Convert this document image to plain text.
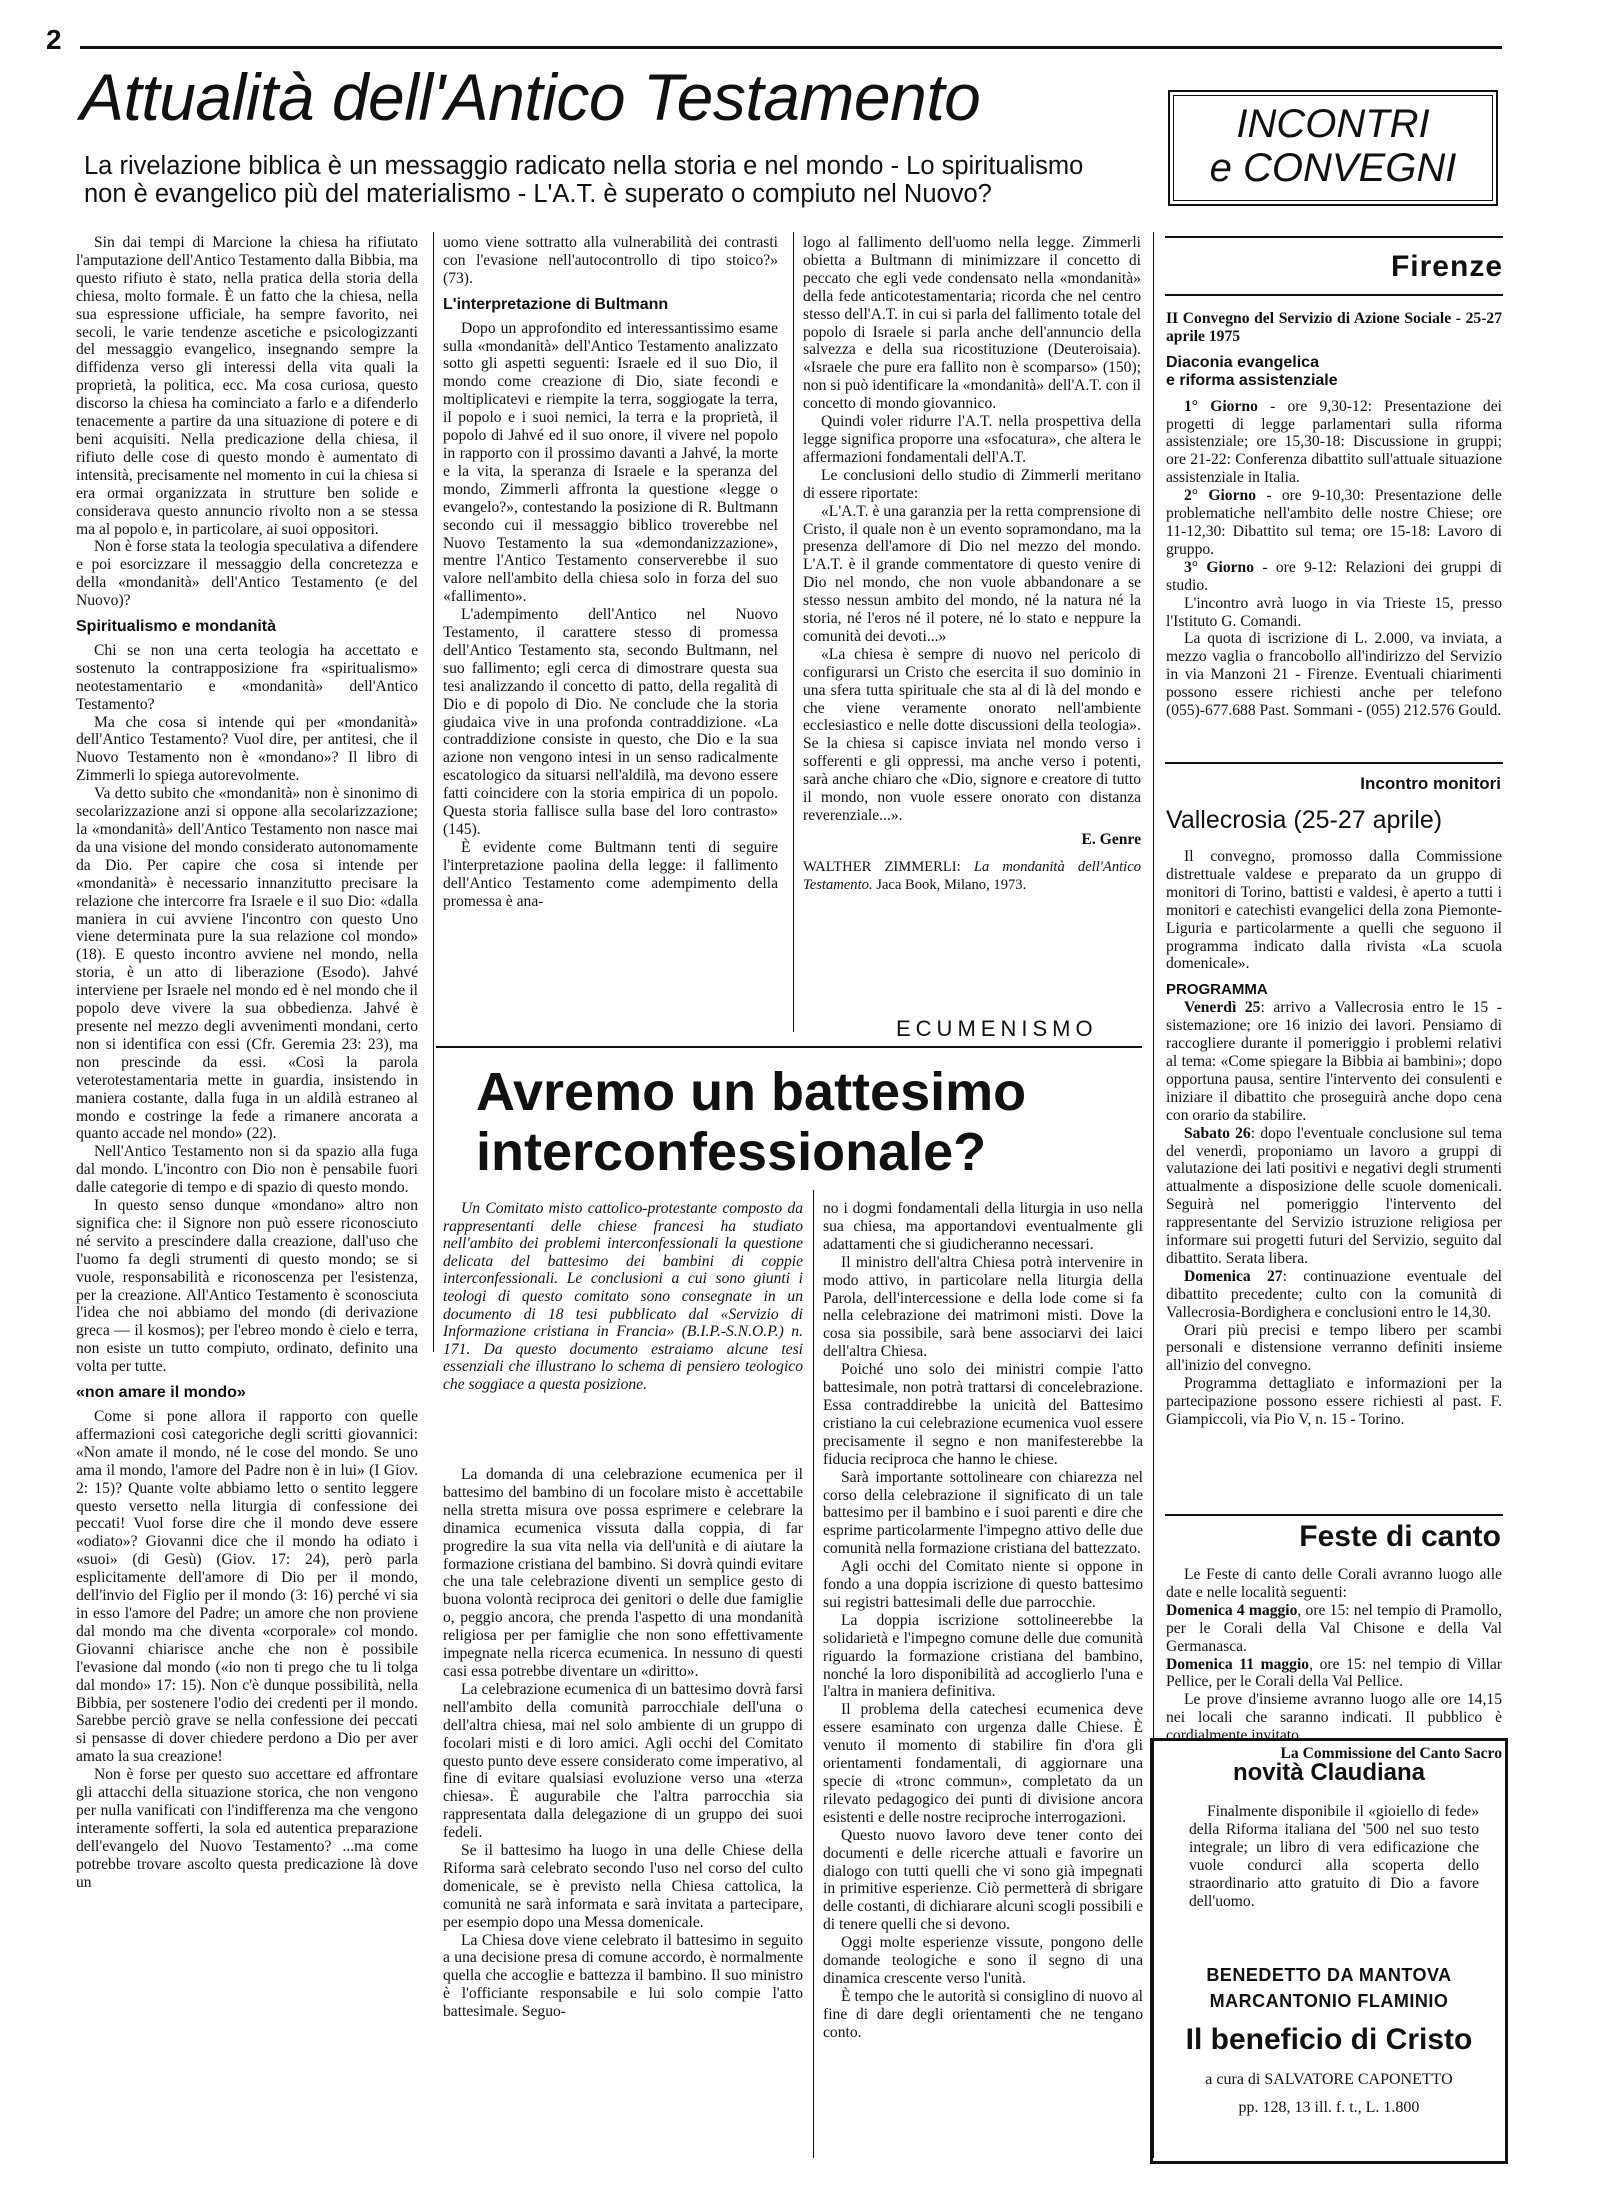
2
Attualità dell'Antico Testamento
La rivelazione biblica è un messaggio radicato nella storia e nel mondo - Lo spiritualismo
non è evangelico più del materialismo - L'A.T. è superato o compiuto nel Nuovo?
INCONTRI
e CONVEGNI

Sin dai tempi di Marcione la chiesa ha rifiutato l'amputazione dell'Antico Testamento dalla Bibbia, ma questo rifiuto è stato, nella pratica della storia della chiesa, molto formale. È un fatto che la chiesa, nella sua espressione ufficiale, ha sempre favorito, nei secoli, le varie tendenze ascetiche e psicologizzanti del messaggio evangelico, insegnando sempre la diffidenza verso gli interessi della vita quali la proprietà, la politica, ecc. Ma cosa curiosa, questo discorso la chiesa ha cominciato a farlo e a difenderlo tenacemente a partire da una situazione di potere e di beni acquisiti. Nella predicazione della chiesa, il rifiuto delle cose di questo mondo è aumentato di intensità, precisamente nel momento in cui la chiesa si era ormai organizzata in strutture ben solide e considerava questo annuncio rivolto non a se stessa ma al popolo e, in particolare, ai suoi oppositori.

Non è forse stata la teologia speculativa a difendere e poi esorcizzare il messaggio della concretezza e della «mondanità» dell'Antico Testamento (e del Nuovo)?

Spiritualismo e mondanità

Chi se non una certa teologia ha accettato e sostenuto la contrapposizione fra «spiritualismo» neotestamentario e «mondanità» dell'Antico Testamento?

Ma che cosa si intende qui per «mondanità» dell'Antico Testamento? Vuol dire, per antitesi, che il Nuovo Testamento non è «mondano»? Il libro di Zimmerli lo spiega autorevolmente.

Va detto subito che «mondanità» non è sinonimo di secolarizzazione anzi si oppone alla secolarizzazione; la «mondanità» dell'Antico Testamento non nasce mai da una visione del mondo considerato autonomamente da Dio. Per capire che cosa si intende per «mondanità» è necessario innanzitutto precisare la relazione che intercorre fra Israele e il suo Dio: «dalla maniera in cui avviene l'incontro con questo Uno viene determinata pure la sua relazione col mondo» (18). E questo incontro avviene nel mondo, nella storia, è un atto di liberazione (Esodo). Jahvé interviene per Israele nel mondo ed è nel mondo che il popolo deve vivere la sua obbedienza. Jahvé è presente nel mezzo degli avvenimenti mondani, certo non si identifica con essi (Cfr. Geremia 23: 23), ma non prescinde da essi. «Così la parola veterotestamentaria mette in guardia, insistendo in maniera costante, dalla fuga in un aldilà estraneo al mondo e costringe la fede a rimanere ancorata a quanto accade nel mondo» (22).

Nell'Antico Testamento non si da spazio alla fuga dal mondo. L'incontro con Dio non è pensabile fuori dalle categorie di tempo e di spazio di questo mondo.

In questo senso dunque «mondano» altro non significa che: il Signore non può essere riconosciuto né servito a prescindere dalla creazione, dall'uso che l'uomo fa degli strumenti di questo mondo; se si vuole, responsabilità e riconoscenza per l'esistenza, per la creazione. All'Antico Testamento è sconosciuta l'idea che noi abbiamo del mondo (di derivazione greca — il kosmos); per l'ebreo mondo è cielo e terra, non esiste un tutto compiuto, ordinato, definito una volta per tutte.

«non amare il mondo»

Come si pone allora il rapporto con quelle affermazioni così categoriche degli scritti giovannici: «Non amate il mondo, né le cose del mondo. Se uno ama il mondo, l'amore del Padre non è in lui» (I Giov. 2: 15)? Quante volte abbiamo letto o sentito leggere questo versetto nella liturgia di confessione dei peccati! Vuol forse dire che il mondo deve essere «odiato»? Giovanni dice che il mondo ha odiato i «suoi» (di Gesù) (Giov. 17: 24), però parla esplicitamente dell'amore di Dio per il mondo, dell'invio del Figlio per il mondo (3: 16) perché vi sia in esso l'amore del Padre; un amore che non proviene dal mondo ma che diventa «corporale» col mondo. Giovanni chiarisce anche che non è possibile l'evasione dal mondo («io non ti prego che tu li tolga dal mondo» 17: 15). Non c'è dunque possibilità, nella Bibbia, per sostenere l'odio dei credenti per il mondo. Sarebbe perciò grave se nella confessione dei peccati si pensasse di dover chiedere perdono a Dio per aver amato la sua creazione!

Non è forse per questo suo accettare ed affrontare gli attacchi della situazione storica, che non vengono per nulla vanificati con l'indifferenza ma che vengono interamente sofferti, la sola ed autentica preparazione dell'evangelo del Nuovo Testamento? ...ma come potrebbe trovare ascolto questa predicazione là dove un

uomo viene sottratto alla vulnerabilità dei contrasti con l'evasione nell'autocontrollo di tipo stoico?» (73).

L'interpretazione di Bultmann

Dopo un approfondito ed interessantissimo esame sulla «mondanità» dell'Antico Testamento analizzato sotto gli aspetti seguenti: Israele ed il suo Dio, il mondo come creazione di Dio, siate fecondi e moltiplicatevi e riempite la terra, soggiogate la terra, il popolo e i suoi nemici, la terra e la proprietà, il popolo di Jahvé ed il suo onore, il vivere nel popolo in rapporto con il prossimo davanti a Jahvé, la morte e la vita, la speranza di Israele e la speranza del mondo, Zimmerli affronta la questione «legge o evangelo?», contestando la posizione di R. Bultmann secondo cui il messaggio biblico troverebbe nel Nuovo Testamento la sua «demondanizzazione», mentre l'Antico Testamento conserverebbe il suo valore nell'ambito della chiesa solo in forza del suo «fallimento».

L'adempimento dell'Antico nel Nuovo Testamento, il carattere stesso di promessa dell'Antico Testamento sta, secondo Bultmann, nel suo fallimento; egli cerca di dimostrare questa sua tesi analizzando il concetto di patto, della regalità di Dio e di popolo di Dio. Ne conclude che la storia giudaica vive in una profonda contraddizione. «La contraddizione consiste in questo, che Dio e la sua azione non vengono intesi in un senso radicalmente escatologico da situarsi nell'aldilà, ma devono essere fatti coincidere con la storia empirica di un popolo. Questa storia fallisce sulla base del loro contrasto» (145).

È evidente come Bultmann tenti di seguire l'interpretazione paolina della legge: il fallimento dell'Antico Testamento come adempimento della promessa è ana-

logo al fallimento dell'uomo nella legge. Zimmerli obietta a Bultmann di minimizzare il concetto di peccato che egli vede condensato nella «mondanità» della fede anticotestamentaria; ricorda che nel centro stesso dell'A.T. in cui si parla del fallimento totale del popolo di Israele si parla anche dell'annuncio della salvezza e della sua ricostituzione (Deuteroisaia). «Israele che pure era fallito non è scomparso» (150); non si può identificare la «mondanità» dell'A.T. con il concetto di mondo giovannico.

Quindi voler ridurre l'A.T. nella prospettiva della legge significa proporre una «sfocatura», che altera le affermazioni fondamentali dell'A.T.

Le conclusioni dello studio di Zimmerli meritano di essere riportate:

«L'A.T. è una garanzia per la retta comprensione di Cristo, il quale non è un evento sopramondano, ma la presenza dell'amore di Dio nel mezzo del mondo. L'A.T. è il grande commentatore di questo venire di Dio nel mondo, che non vuole abbandonare a se stesso nessun ambito del mondo, né la natura né la storia, né l'eros né il potere, né lo stato e neppure la comunità dei devoti...»

«La chiesa è sempre di nuovo nel pericolo di configurarsi un Cristo che esercita il suo dominio in una sfera tutta spirituale che sta al di là del mondo e che viene veramente onorato nell'ambiente ecclesiastico e nelle dotte discussioni della teologia». Se la chiesa si capisce inviata nel mondo verso i sofferenti e gli oppressi, ma anche verso i potenti, sarà anche chiaro che «Dio, signore e creatore di tutto il mondo, non vuole essere onorato con distanza reverenziale...».

E. Genre

WALTHER ZIMMERLI: La mondanità dell'Antico Testamento. Jaca Book, Milano, 1973.

ECUMENISMO
Avremo un battesimo
interconfessionale?

Un Comitato misto cattolico-protestante composto da rappresentanti delle chiese francesi ha studiato nell'ambito dei problemi interconfessionali la questione delicata del battesimo dei bambini di coppie interconfessionali. Le conclusioni a cui sono giunti i teologi di questo comitato sono consegnate in un documento di 18 tesi pubblicato dal «Servizio di Informazione cristiana in Francia» (B.I.P.-S.N.O.P.) n. 171. Da questo documento estraiamo alcune tesi essenziali che illustrano lo schema di pensiero teologico che soggiace a questa posizione.

La domanda di una celebrazione ecumenica per il battesimo del bambino di un focolare misto è accettabile nella stretta misura ove possa esprimere e celebrare la dinamica ecumenica vissuta dalla coppia, di far progredire la sua vita nella via dell'unità e di aiutare la formazione cristiana del bambino. Si dovrà quindi evitare che una tale celebrazione diventi un semplice gesto di buona volontà reciproca dei genitori o delle due famiglie o, peggio ancora, che prenda l'aspetto di una mondanità religiosa per per famiglie che non sono effettivamente impegnate nella ricerca ecumenica. In nessuno di questi casi essa potrebbe diventare un «diritto».

La celebrazione ecumenica di un battesimo dovrà farsi nell'ambito della comunità parrocchiale dell'una o dell'altra chiesa, mai nel solo ambiente di un gruppo di focolari misti e di loro amici. Agli occhi del Comitato questo punto deve essere considerato come imperativo, al fine di evitare qualsiasi evoluzione verso una «terza chiesa». È augurabile che l'altra parrocchia sia rappresentata dalla delegazione di un gruppo dei suoi fedeli.

Se il battesimo ha luogo in una delle Chiese della Riforma sarà celebrato secondo l'uso nel corso del culto domenicale, se è previsto nella Chiesa cattolica, la comunità ne sarà informata e sarà invitata a partecipare, per esempio dopo una Messa domenicale.

La Chiesa dove viene celebrato il battesimo in seguito a una decisione presa di comune accordo, è normalmente quella che accoglie e battezza il bambino. Il suo ministro è l'officiante responsabile e lui solo compie l'atto battesimale. Seguo-

no i dogmi fondamentali della liturgia in uso nella sua chiesa, ma apportandovi eventualmente gli adattamenti che si giudicheranno necessari.

Il ministro dell'altra Chiesa potrà intervenire in modo attivo, in particolare nella liturgia della Parola, dell'intercessione e della lode come si fa nella celebrazione dei matrimoni misti. Dove la cosa sia possibile, sarà bene associarvi dei laici dell'altra Chiesa.

Poiché uno solo dei ministri compie l'atto battesimale, non potrà trattarsi di concelebrazione. Essa contraddirebbe la unicità del Battesimo cristiano la cui celebrazione ecumenica vuol essere precisamente il segno e non manifesterebbe la fiducia reciproca che hanno le chiese.

Sarà importante sottolineare con chiarezza nel corso della celebrazione il significato di un tale battesimo per il bambino e i suoi parenti e dire che esprime particolarmente l'impegno attivo delle due comunità nella formazione cristiana del battezzato.

Agli occhi del Comitato niente si oppone in fondo a una doppia iscrizione di questo battesimo sui registri battesimali delle due parrocchie.

La doppia iscrizione sottolineerebbe la solidarietà e l'impegno comune delle due comunità riguardo la formazione cristiana del bambino, nonché la loro disponibilità ad accoglierlo l'una e l'altra in maniera definitiva.

Il problema della catechesi ecumenica deve essere esaminato con urgenza dalle Chiese. È venuto il momento di stabilire fin d'ora gli orientamenti fondamentali, di aggiornare una specie di «tronc commun», completato da un rilevato pedagogico dei punti di divisione ancora esistenti e delle nostre reciproche interrogazioni.

Questo nuovo lavoro deve tener conto dei documenti e delle ricerche attuali e favorire un dialogo con tutti quelli che vi sono già impegnati in primitive esperienze. Ciò permetterà di sbrigare delle costanti, di dichiarare alcuni scogli possibili e di tenere quelli che si devono.

Oggi molte esperienze vissute, pongono delle domande teologiche e sono il segno di una dinamica crescente verso l'unità.

È tempo che le autorità si consiglino di nuovo al fine di dare degli orientamenti che ne tengano conto.

Firenze

II Convegno del Servizio di Azione Sociale - 25-27 aprile 1975

Diaconia evangelica
e riforma assistenziale

1° Giorno - ore 9,30-12: Presentazione dei progetti di legge parlamentari sulla riforma assistenziale; ore 15,30-18: Discussione in gruppi; ore 21-22: Conferenza dibattito sull'attuale situazione assistenziale in Italia.

2° Giorno - ore 9-10,30: Presentazione delle problematiche nell'ambito delle nostre Chiese; ore 11-12,30: Dibattito sul tema; ore 15-18: Lavoro di gruppo.

3° Giorno - ore 9-12: Relazioni dei gruppi di studio.

L'incontro avrà luogo in via Trieste 15, presso l'Istituto G. Comandi.

La quota di iscrizione di L. 2.000, va inviata, a mezzo vaglia o francobollo all'indirizzo del Servizio in via Manzoni 21 - Firenze. Eventuali chiarimenti possono essere richiesti anche per telefono (055)-677.688 Past. Sommani - (055) 212.576 Gould.

Incontro monitori
Vallecrosia (25-27 aprile)

Il convegno, promosso dalla Commissione distrettuale valdese e preparato da un gruppo di monitori di Torino, battisti e valdesi, è aperto a tutti i monitori e catechisti evangelici della zona Piemonte-Liguria e particolarmente a quelli che seguono il programma indicato dalla rivista «La scuola domenicale».

PROGRAMMA

Venerdì 25: arrivo a Vallecrosia entro le 15 - sistemazione; ore 16 inizio dei lavori. Pensiamo di raccogliere durante il pomeriggio i problemi relativi al tema: «Come spiegare la Bibbia ai bambini»; dopo opportuna pausa, sentire l'intervento dei consulenti e iniziare il dibattito che proseguirà anche dopo cena con orario da stabilire.

Sabato 26: dopo l'eventuale conclusione sul tema del venerdì, proponiamo un lavoro a gruppi di valutazione dei lati positivi e negativi degli strumenti attualmente a disposizione delle scuole domenicali. Seguirà nel pomeriggio l'intervento del rappresentante del Servizio istruzione religiosa per informare sui progetti futuri del Servizio, seguito dal dibattito. Serata libera.

Domenica 27: continuazione eventuale del dibattito precedente; culto con la comunità di Vallecrosia-Bordighera e conclusioni entro le 14,30.

Orari più precisi e tempo libero per scambi personali e distensione verranno definiti insieme all'inizio del convegno.

Programma dettagliato e informazioni per la partecipazione possono essere richiesti al past. F. Giampiccoli, via Pio V, n. 15 - Torino.

Feste di canto

Le Feste di canto delle Corali avranno luogo alle date e nelle località seguenti:

Domenica 4 maggio, ore 15: nel tempio di Pramollo, per le Corali della Val Chisone e della Val Germanasca.

Domenica 11 maggio, ore 15: nel tempio di Villar Pellice, per le Corali della Val Pellice.

Le prove d'insieme avranno luogo alle ore 14,15 nei locali che saranno indicati. Il pubblico è cordialmente invitato.

La Commissione del Canto Sacro

novità Claudiana
Finalmente disponibile il «gioiello di fede» della Riforma italiana del '500 nel suo testo integrale; un libro di vera edificazione che vuole condurci alla scoperta dello straordinario atto gratuito di Dio a favore dell'uomo.
BENEDETTO DA MANTOVA
MARCANTONIO FLAMINIO
Il beneficio di Cristo
a cura di SALVATORE CAPONETTO
pp. 128, 13 ill. f. t., L. 1.800
